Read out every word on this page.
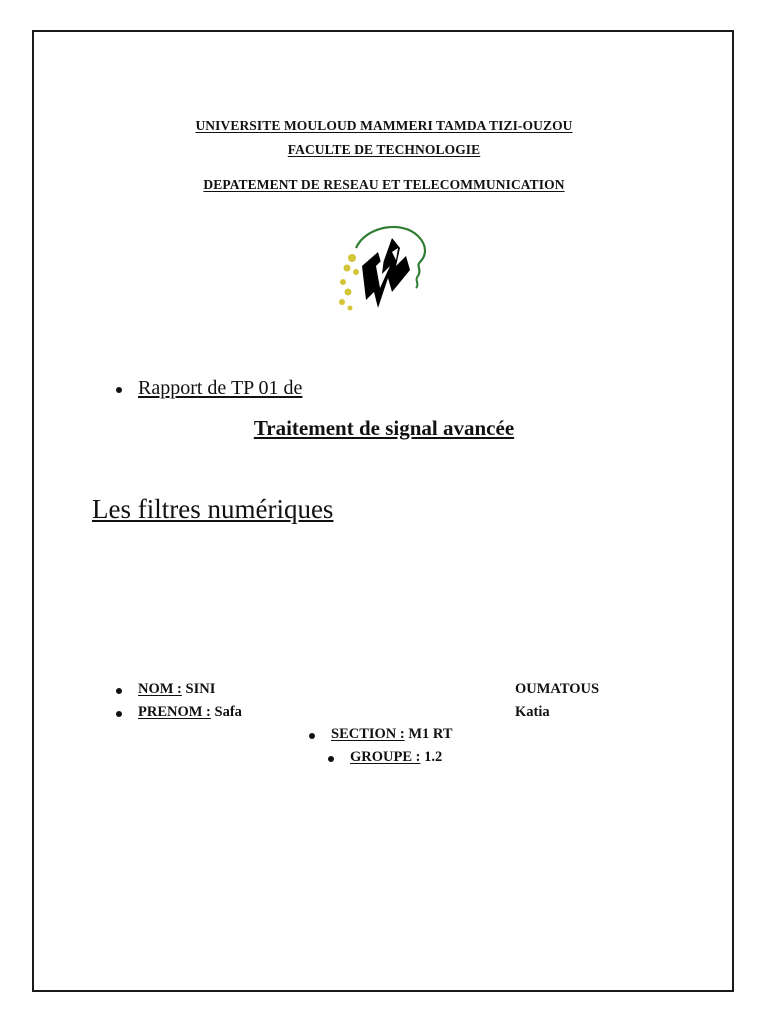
UNIVERSITE MOULOUD MAMMERI TAMDA TIZI-OUZOU
FACULTE DE TECHNOLOGIE
DEPATEMENT DE RESEAU ET TELECOMMUNICATION
Rapport de TP 01 de
Traitement de signal avancée
Les filtres numériques
NOM : SINI	OUMATOUS
PRENOM : Safa	Katia
SECTION : M1 RT
GROUPE : 1.2
